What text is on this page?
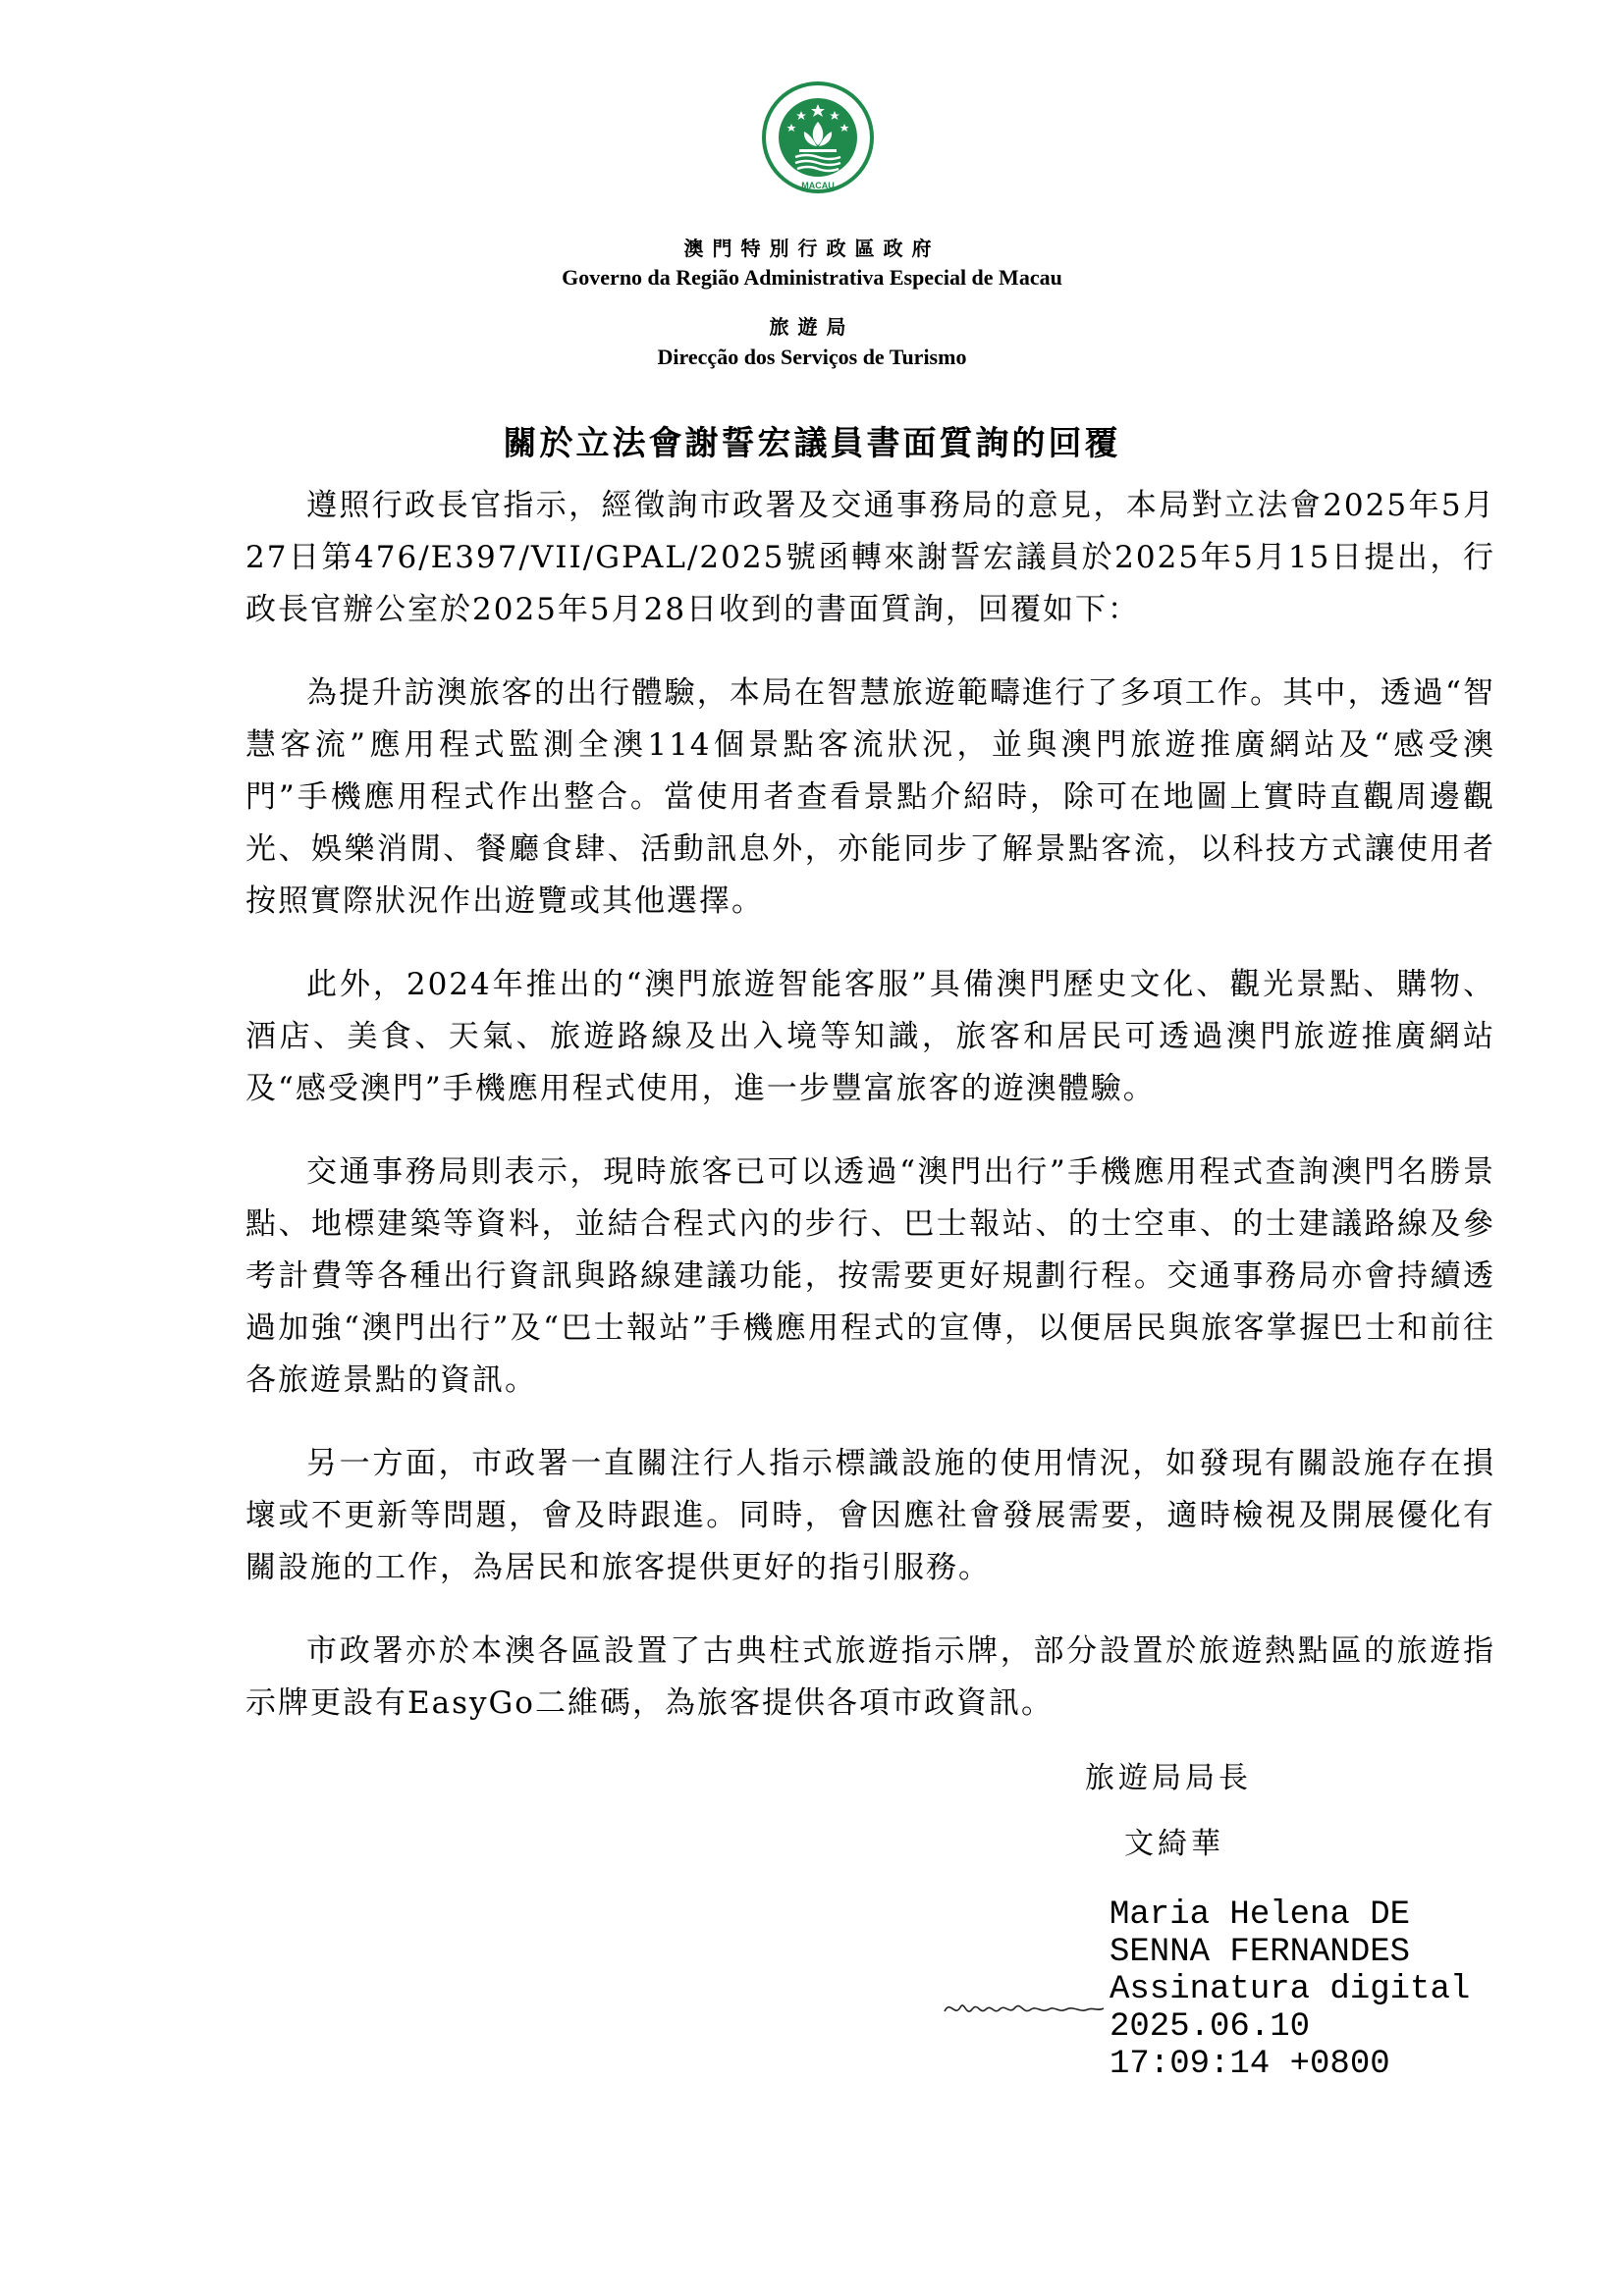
MACAU

澳門特別行政區政府

Governo da Região Administrativa Especial de Macau

旅遊局

Direcção dos Serviços de Turismo

關於立法會謝誓宏議員書面質詢的回覆

遵照行政長官指示，經徵詢市政署及交通事務局的意見，本局對立法會2025年5月27日第476/E397/VII/GPAL/2025號函轉來謝誓宏議員於2025年5月15日提出，行政長官辦公室於2025年5月28日收到的書面質詢，回覆如下：

為提升訪澳旅客的出行體驗，本局在智慧旅遊範疇進行了多項工作。其中，透過“智慧客流”應用程式監測全澳114個景點客流狀況，並與澳門旅遊推廣網站及“感受澳門”手機應用程式作出整合。當使用者查看景點介紹時，除可在地圖上實時直觀周邊觀光、娛樂消閒、餐廳食肆、活動訊息外，亦能同步了解景點客流，以科技方式讓使用者按照實際狀況作出遊覽或其他選擇。

此外，2024年推出的“澳門旅遊智能客服”具備澳門歷史文化、觀光景點、購物、酒店、美食、天氣、旅遊路線及出入境等知識，旅客和居民可透過澳門旅遊推廣網站及“感受澳門”手機應用程式使用，進一步豐富旅客的遊澳體驗。

交通事務局則表示，現時旅客已可以透過“澳門出行”手機應用程式查詢澳門名勝景點、地標建築等資料，並結合程式內的步行、巴士報站、的士空車、的士建議路線及參考計費等各種出行資訊與路線建議功能，按需要更好規劃行程。交通事務局亦會持續透過加強“澳門出行”及“巴士報站”手機應用程式的宣傳，以便居民與旅客掌握巴士和前往各旅遊景點的資訊。

另一方面，市政署一直關注行人指示標識設施的使用情況，如發現有關設施存在損壞或不更新等問題，會及時跟進。同時，會因應社會發展需要，適時檢視及開展優化有關設施的工作，為居民和旅客提供更好的指引服務。

市政署亦於本澳各區設置了古典柱式旅遊指示牌，部分設置於旅遊熱點區的旅遊指示牌更設有EasyGo二維碼，為旅客提供各項市政資訊。

旅遊局局長
文綺華
Maria Helena DE
SENNA FERNANDES
Assinatura digital
2025.06.10
17:09:14 +0800
